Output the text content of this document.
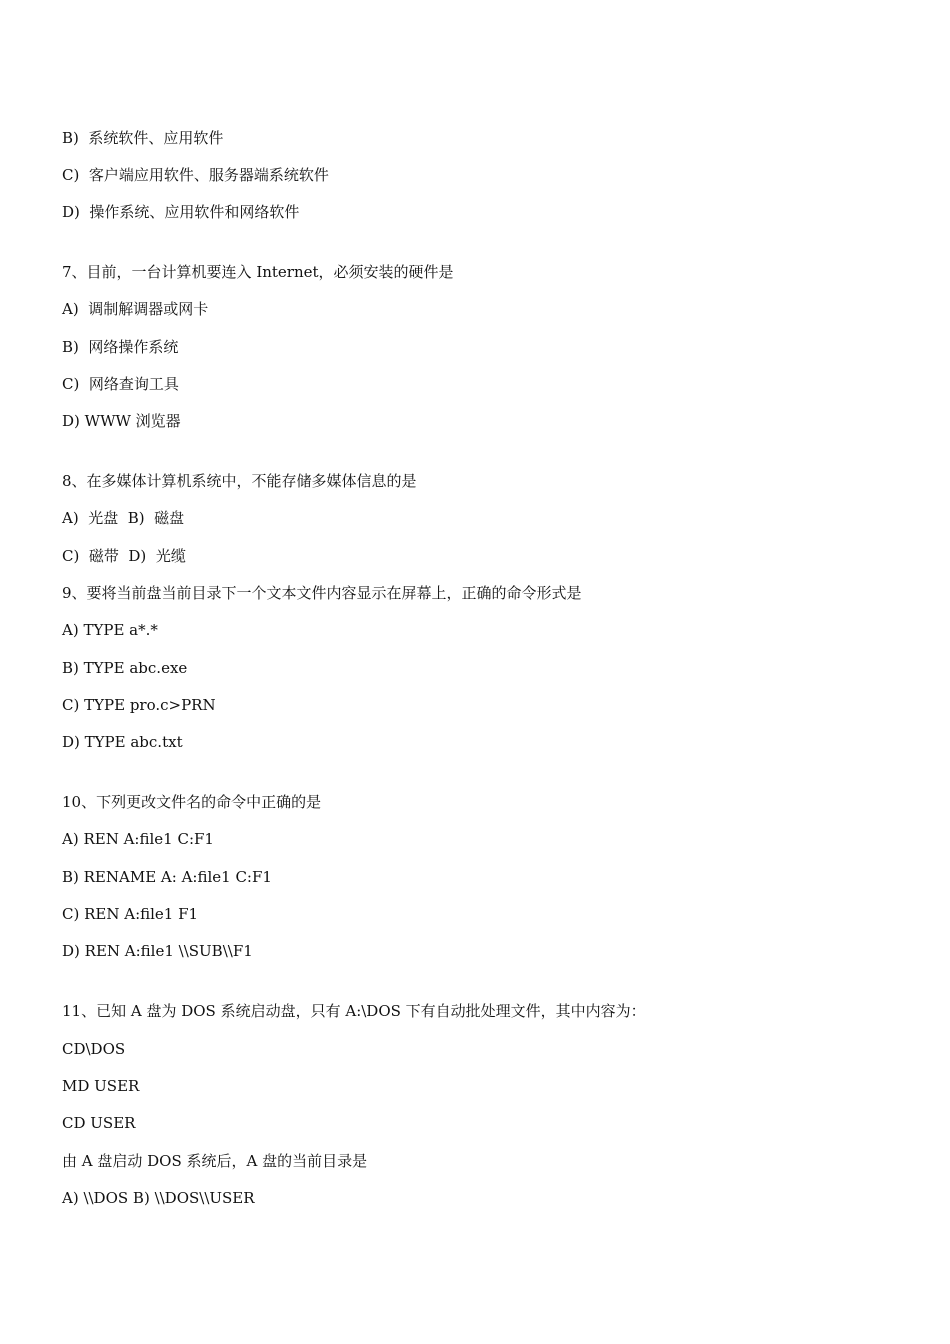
B)  系统软件、应用软件
C)  客户端应用软件、服务器端系统软件
D)  操作系统、应用软件和网络软件
7、目前，一台计算机要连入 Internet，必须安装的硬件是
A)  调制解调器或网卡
B)  网络操作系统
C)  网络查询工具
D) WWW 浏览器
8、在多媒体计算机系统中，不能存储多媒体信息的是
A)  光盘  B)  磁盘
C)  磁带  D)  光缆
9、要将当前盘当前目录下一个文本文件内容显示在屏幕上，正确的命令形式是
A) TYPE a*.*
B) TYPE abc.exe
C) TYPE pro.c>PRN
D) TYPE abc.txt
10、下列更改文件名的命令中正确的是
A) REN A:file1 C:F1
B) RENAME A: A:file1 C:F1
C) REN A:file1 F1
D) REN A:file1 \\SUB\\F1
11、已知 A 盘为 DOS 系统启动盘，只有 A:\DOS 下有自动批处理文件，其中内容为：
CD\DOS
MD USER
CD USER
由 A 盘启动 DOS 系统后，A 盘的当前目录是
A) \\DOS B) \\DOS\\USER
